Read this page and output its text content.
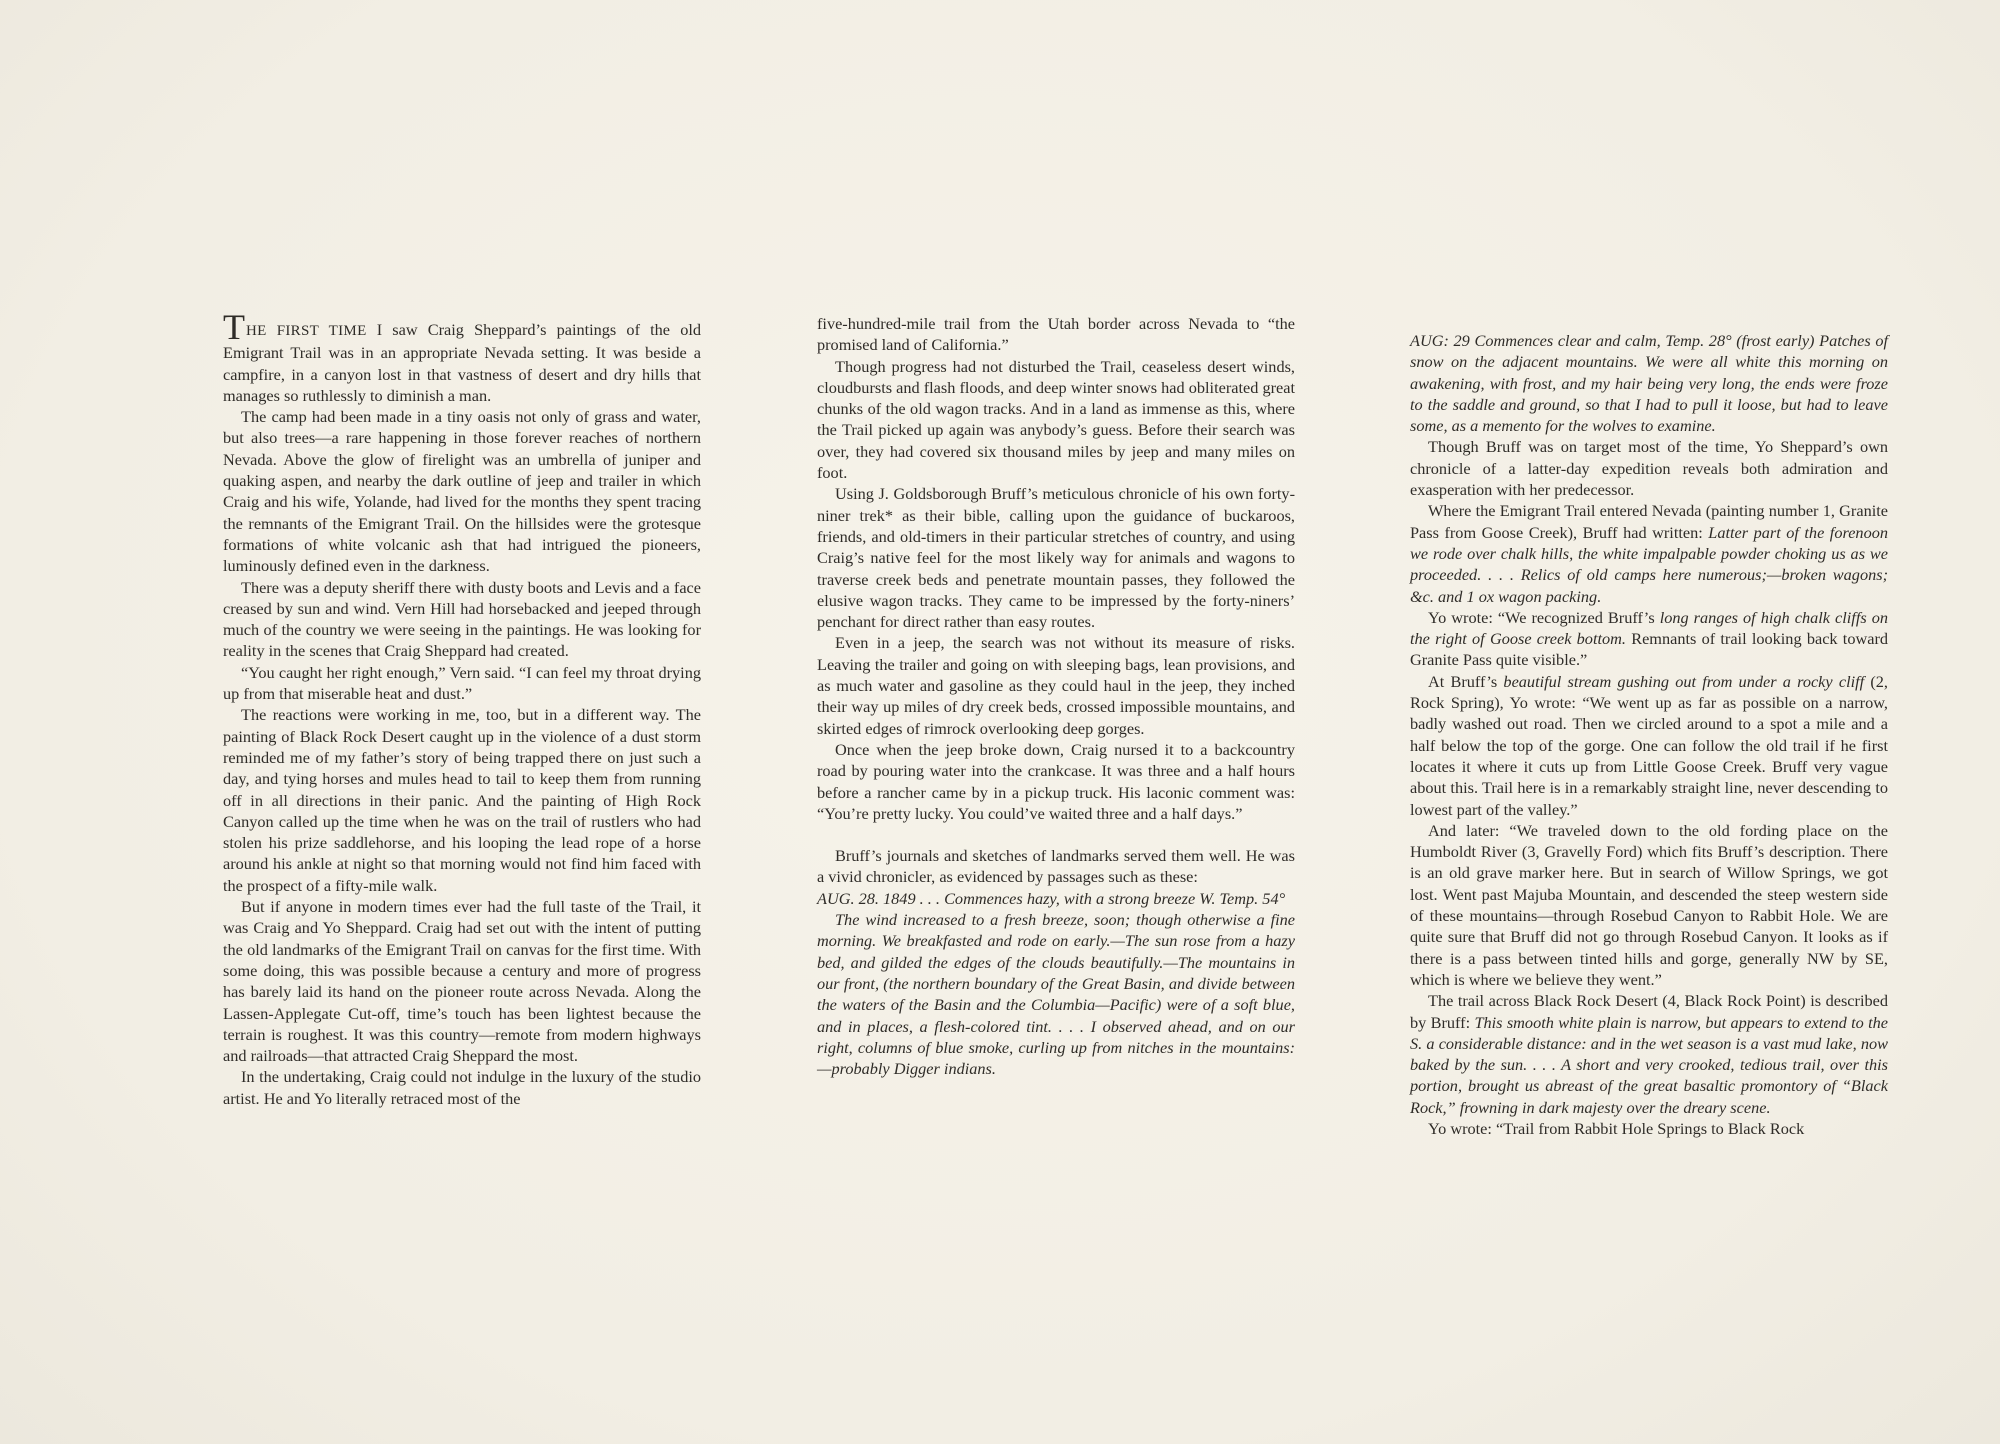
THE FIRST TIME I saw Craig Sheppard’s paintings of the old Emigrant Trail was in an appropriate Nevada setting. It was beside a campfire, in a canyon lost in that vastness of desert and dry hills that manages so ruthlessly to diminish a man.

The camp had been made in a tiny oasis not only of grass and water, but also trees—a rare happening in those forever reaches of northern Nevada. Above the glow of firelight was an umbrella of juniper and quaking aspen, and nearby the dark outline of jeep and trailer in which Craig and his wife, Yolande, had lived for the months they spent tracing the remnants of the Emigrant Trail. On the hillsides were the grotesque formations of white volcanic ash that had intrigued the pioneers, luminously defined even in the darkness.

There was a deputy sheriff there with dusty boots and Levis and a face creased by sun and wind. Vern Hill had horsebacked and jeeped through much of the country we were seeing in the paintings. He was looking for reality in the scenes that Craig Sheppard had created.

“You caught her right enough,” Vern said. “I can feel my throat drying up from that miserable heat and dust.”

The reactions were working in me, too, but in a different way. The painting of Black Rock Desert caught up in the violence of a dust storm reminded me of my father’s story of being trapped there on just such a day, and tying horses and mules head to tail to keep them from running off in all directions in their panic. And the painting of High Rock Canyon called up the time when he was on the trail of rustlers who had stolen his prize saddlehorse, and his looping the lead rope of a horse around his ankle at night so that morning would not find him faced with the prospect of a fifty-mile walk.

But if anyone in modern times ever had the full taste of the Trail, it was Craig and Yo Sheppard. Craig had set out with the intent of putting the old landmarks of the Emigrant Trail on canvas for the first time. With some doing, this was possible because a century and more of progress has barely laid its hand on the pioneer route across Nevada. Along the Lassen-Applegate Cut-off, time’s touch has been lightest because the terrain is roughest. It was this country—remote from modern highways and railroads—that attracted Craig Sheppard the most.

In the undertaking, Craig could not indulge in the luxury of the studio artist. He and Yo literally retraced most of the

five-hundred-mile trail from the Utah border across Nevada to “the promised land of California.”

Though progress had not disturbed the Trail, ceaseless desert winds, cloudbursts and flash floods, and deep winter snows had obliterated great chunks of the old wagon tracks. And in a land as immense as this, where the Trail picked up again was anybody’s guess. Before their search was over, they had covered six thousand miles by jeep and many miles on foot.

Using J. Goldsborough Bruff’s meticulous chronicle of his own forty-niner trek* as their bible, calling upon the guidance of buckaroos, friends, and old-timers in their particular stretches of country, and using Craig’s native feel for the most likely way for animals and wagons to traverse creek beds and penetrate mountain passes, they followed the elusive wagon tracks. They came to be impressed by the forty-niners’ penchant for direct rather than easy routes.

Even in a jeep, the search was not without its measure of risks. Leaving the trailer and going on with sleeping bags, lean provisions, and as much water and gasoline as they could haul in the jeep, they inched their way up miles of dry creek beds, crossed impossible mountains, and skirted edges of rimrock overlooking deep gorges.

Once when the jeep broke down, Craig nursed it to a backcountry road by pouring water into the crankcase. It was three and a half hours before a rancher came by in a pickup truck. His laconic comment was: “You’re pretty lucky. You could’ve waited three and a half days.”

Bruff’s journals and sketches of landmarks served them well. He was a vivid chronicler, as evidenced by passages such as these:

AUG. 28. 1849 . . . Commences hazy, with a strong breeze W. Temp. 54°

The wind increased to a fresh breeze, soon; though otherwise a fine morning. We breakfasted and rode on early.—The sun rose from a hazy bed, and gilded the edges of the clouds beautifully.—The mountains in our front, (the northern boundary of the Great Basin, and divide between the waters of the Basin and the Columbia—Pacific) were of a soft blue, and in places, a flesh-colored tint. . . . I observed ahead, and on our right, columns of blue smoke, curling up from nitches in the mountains:—probably Digger indians.

AUG: 29 Commences clear and calm, Temp. 28° (frost early) Patches of snow on the adjacent mountains. We were all white this morning on awakening, with frost, and my hair being very long, the ends were froze to the saddle and ground, so that I had to pull it loose, but had to leave some, as a memento for the wolves to examine.

Though Bruff was on target most of the time, Yo Sheppard’s own chronicle of a latter-day expedition reveals both admiration and exasperation with her predecessor.

Where the Emigrant Trail entered Nevada (painting number 1, Granite Pass from Goose Creek), Bruff had written: Latter part of the forenoon we rode over chalk hills, the white impalpable powder choking us as we proceeded. . . . Relics of old camps here numerous;—broken wagons; &c. and 1 ox wagon packing.

Yo wrote: “We recognized Bruff’s long ranges of high chalk cliffs on the right of Goose creek bottom. Remnants of trail looking back toward Granite Pass quite visible.”

At Bruff’s beautiful stream gushing out from under a rocky cliff (2, Rock Spring), Yo wrote: “We went up as far as possible on a narrow, badly washed out road. Then we circled around to a spot a mile and a half below the top of the gorge. One can follow the old trail if he first locates it where it cuts up from Little Goose Creek. Bruff very vague about this. Trail here is in a remarkably straight line, never descending to lowest part of the valley.”

And later: “We traveled down to the old fording place on the Humboldt River (3, Gravelly Ford) which fits Bruff’s description. There is an old grave marker here. But in search of Willow Springs, we got lost. Went past Majuba Mountain, and descended the steep western side of these mountains—through Rosebud Canyon to Rabbit Hole. We are quite sure that Bruff did not go through Rosebud Canyon. It looks as if there is a pass between tinted hills and gorge, generally NW by SE, which is where we believe they went.”

The trail across Black Rock Desert (4, Black Rock Point) is described by Bruff: This smooth white plain is narrow, but appears to extend to the S. a considerable distance: and in the wet season is a vast mud lake, now baked by the sun. . . . A short and very crooked, tedious trail, over this portion, brought us abreast of the great basaltic promontory of “Black Rock,” frowning in dark majesty over the dreary scene.

Yo wrote: “Trail from Rabbit Hole Springs to Black Rock
